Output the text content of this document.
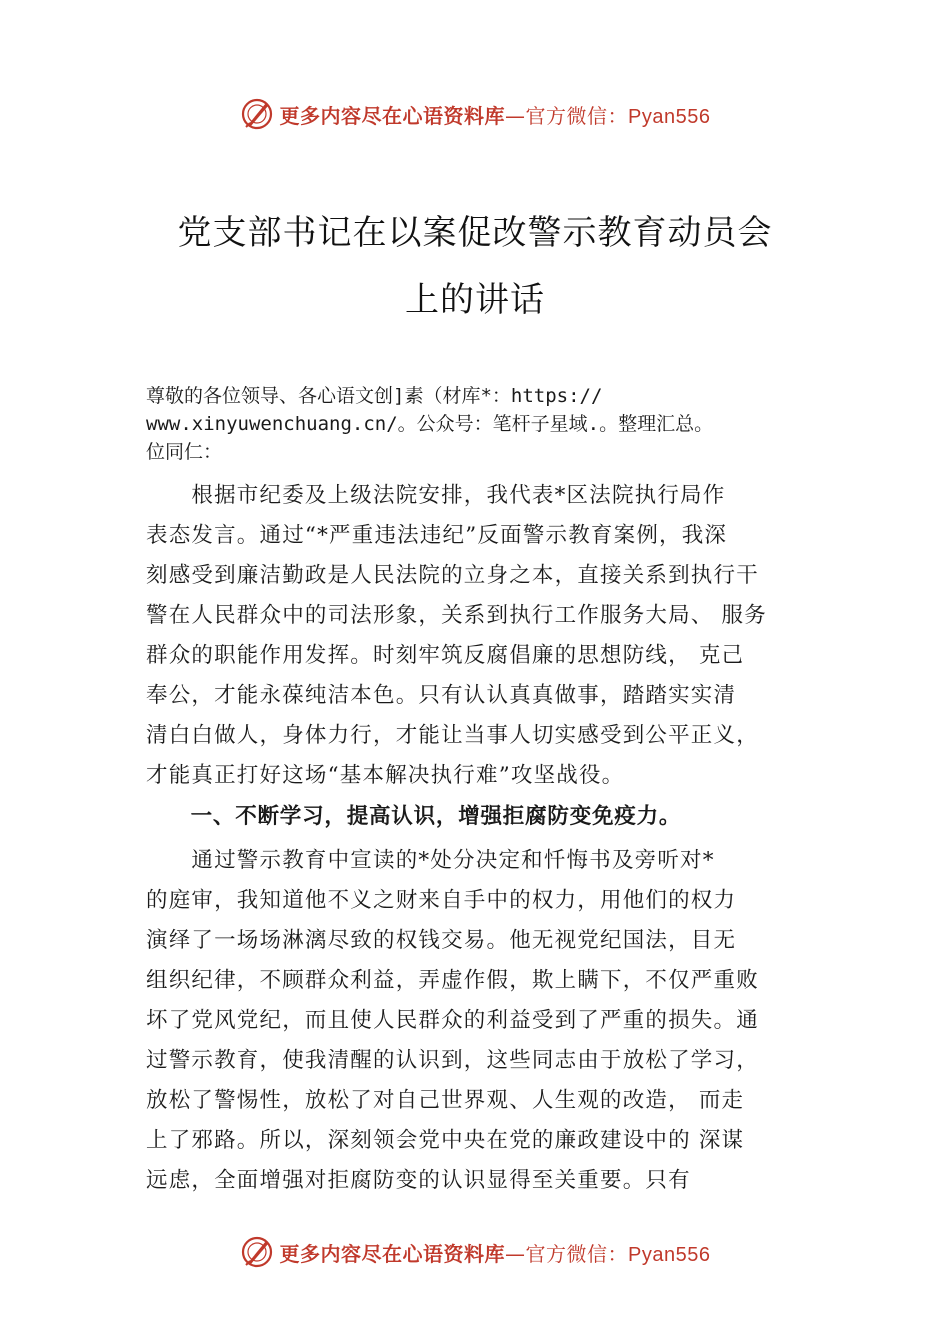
更多内容尽在心语资料库—官方微信：Pyan556
党支部书记在以案促改警示教育动员会
上的讲话
尊敬的各位领导、各心语文创]素（材库*：https://
www.xinyuwenchuang.cn/。公众号：笔杆子星域.。整理汇总。
位同仁：
　　根据市纪委及上级法院安排，我代表*区法院执行局作
表态发言。通过“*严重违法违纪”反面警示教育案例，我深
刻感受到廉洁勤政是人民法院的立身之本，直接关系到执行干
警在人民群众中的司法形象，关系到执行工作服务大局、 服务
群众的职能作用发挥。时刻牢筑反腐倡廉的思想防线， 克己
奉公，才能永葆纯洁本色。只有认认真真做事，踏踏实实清
清白白做人，身体力行，才能让当事人切实感受到公平正义，
才能真正打好这场“基本解决执行难”攻坚战役。
　　一、不断学习，提高认识，增强拒腐防变免疫力。
　　通过警示教育中宣读的*处分决定和忏悔书及旁听对*
的庭审，我知道他不义之财来自手中的权力，用他们的权力
演绎了一场场淋漓尽致的权钱交易。他无视党纪国法，目无
组织纪律，不顾群众利益，弄虚作假，欺上瞒下，不仅严重败
坏了党风党纪，而且使人民群众的利益受到了严重的损失。通
过警示教育，使我清醒的认识到，这些同志由于放松了学习，
放松了警惕性，放松了对自己世界观、人生观的改造， 而走
上了邪路。所以，深刻领会党中央在党的廉政建设中的 深谋
远虑，全面增强对拒腐防变的认识显得至关重要。只有
更多内容尽在心语资料库—官方微信：Pyan556
